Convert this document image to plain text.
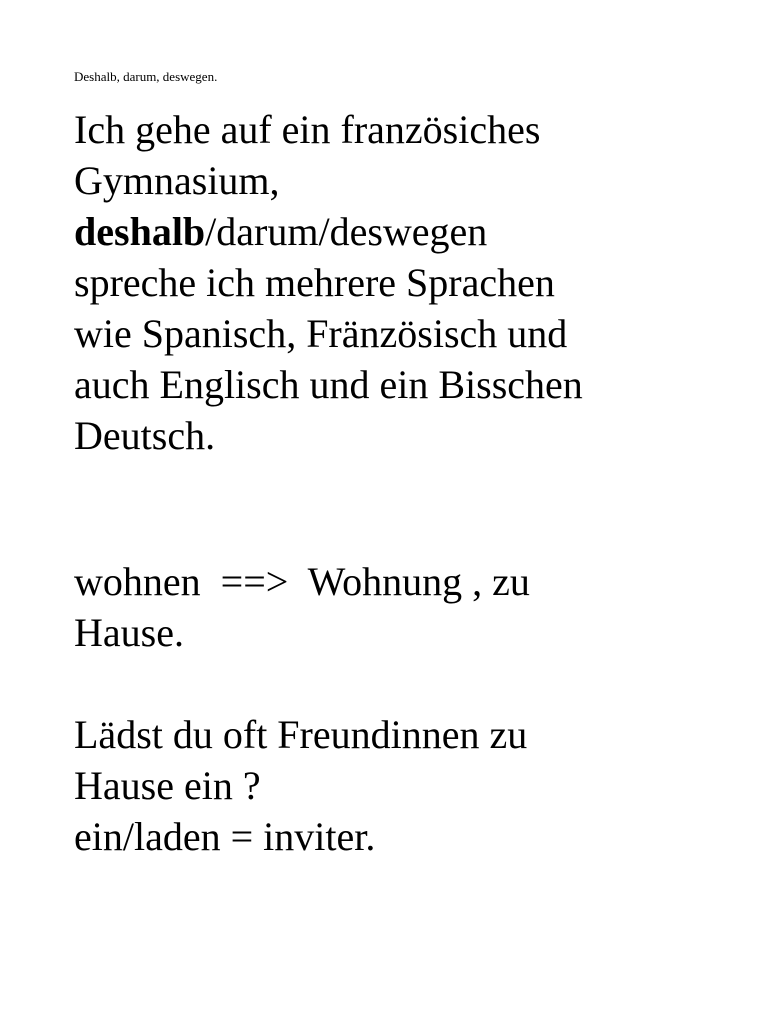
Deshalb, darum, deswegen.
Ich gehe auf ein französiches
Gymnasium,
deshalb/darum/deswegen
spreche ich mehrere Sprachen
wie Spanisch, Fränzösisch und
auch Englisch und ein Bisschen
Deutsch.
wohnen  ==>  Wohnung , zu
Hause.
Lädst du oft Freundinnen zu
Hause ein ?
ein/laden = inviter.
